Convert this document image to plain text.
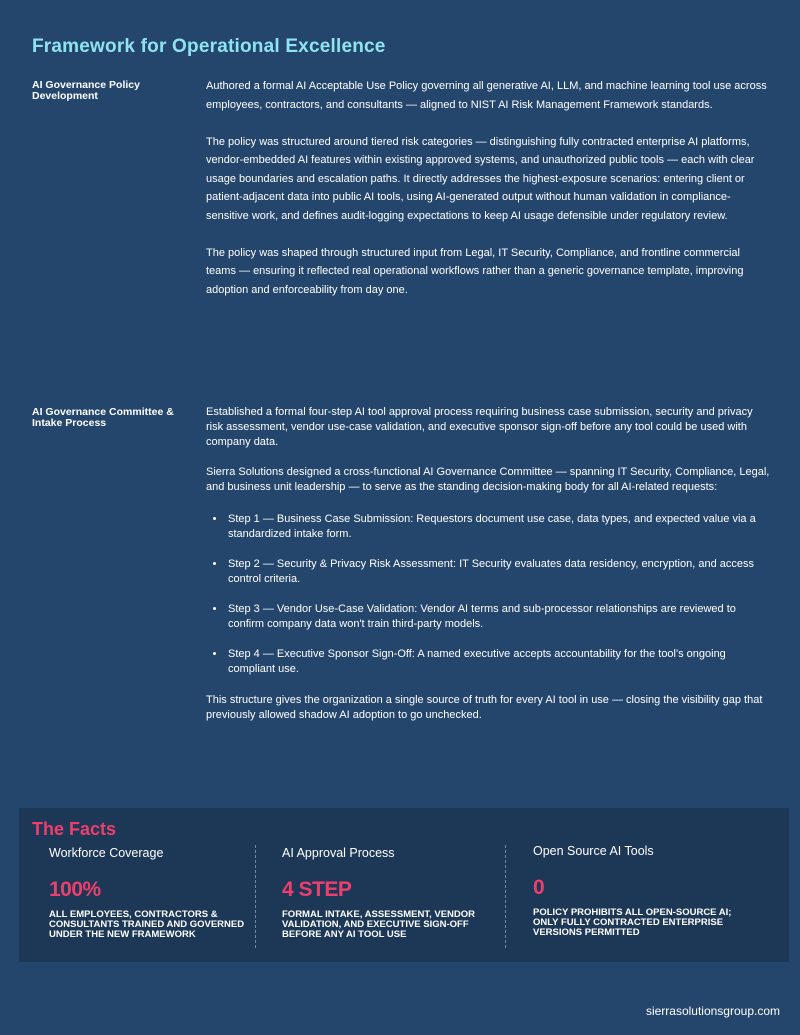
Framework for Operational Excellence
AI Governance Policy Development

Authored a formal AI Acceptable Use Policy governing all generative AI, LLM, and machine learning tool use across employees, contractors, and consultants — aligned to NIST AI Risk Management Framework standards.

The policy was structured around tiered risk categories — distinguishing fully contracted enterprise AI platforms, vendor-embedded AI features within existing approved systems, and unauthorized public tools — each with clear usage boundaries and escalation paths. It directly addresses the highest-exposure scenarios: entering client or patient-adjacent data into public AI tools, using AI-generated output without human validation in compliance-sensitive work, and defines audit-logging expectations to keep AI usage defensible under regulatory review.

The policy was shaped through structured input from Legal, IT Security, Compliance, and frontline commercial teams — ensuring it reflected real operational workflows rather than a generic governance template, improving adoption and enforceability from day one.

AI Governance Committee & Intake Process

Established a formal four-step AI tool approval process requiring business case submission, security and privacy risk assessment, vendor use-case validation, and executive sponsor sign-off before any tool could be used with company data.

Sierra Solutions designed a cross-functional AI Governance Committee — spanning IT Security, Compliance, Legal, and business unit leadership — to serve as the standing decision-making body for all AI-related requests:

• Step 1 — Business Case Submission: Requestors document use case, data types, and expected value via a standardized intake form.
• Step 2 — Security & Privacy Risk Assessment: IT Security evaluates data residency, encryption, and access control criteria.
• Step 3 — Vendor Use-Case Validation: Vendor AI terms and sub-processor relationships are reviewed to confirm company data won't train third-party models.
• Step 4 — Executive Sponsor Sign-Off: A named executive accepts accountability for the tool's ongoing compliant use.

This structure gives the organization a single source of truth for every AI tool in use — closing the visibility gap that previously allowed shadow AI adoption to go unchecked.

The Facts
Workforce Coverage
100%
ALL EMPLOYEES, CONTRACTORS & CONSULTANTS TRAINED AND GOVERNED UNDER THE NEW FRAMEWORK
AI Approval Process
4 STEP
FORMAL INTAKE, ASSESSMENT, VENDOR VALIDATION, AND EXECUTIVE SIGN-OFF BEFORE ANY AI TOOL USE
Open Source AI Tools
0
POLICY PROHIBITS ALL OPEN-SOURCE AI; ONLY FULLY CONTRACTED ENTERPRISE VERSIONS PERMITTED
sierrasolutionsgroup.com
